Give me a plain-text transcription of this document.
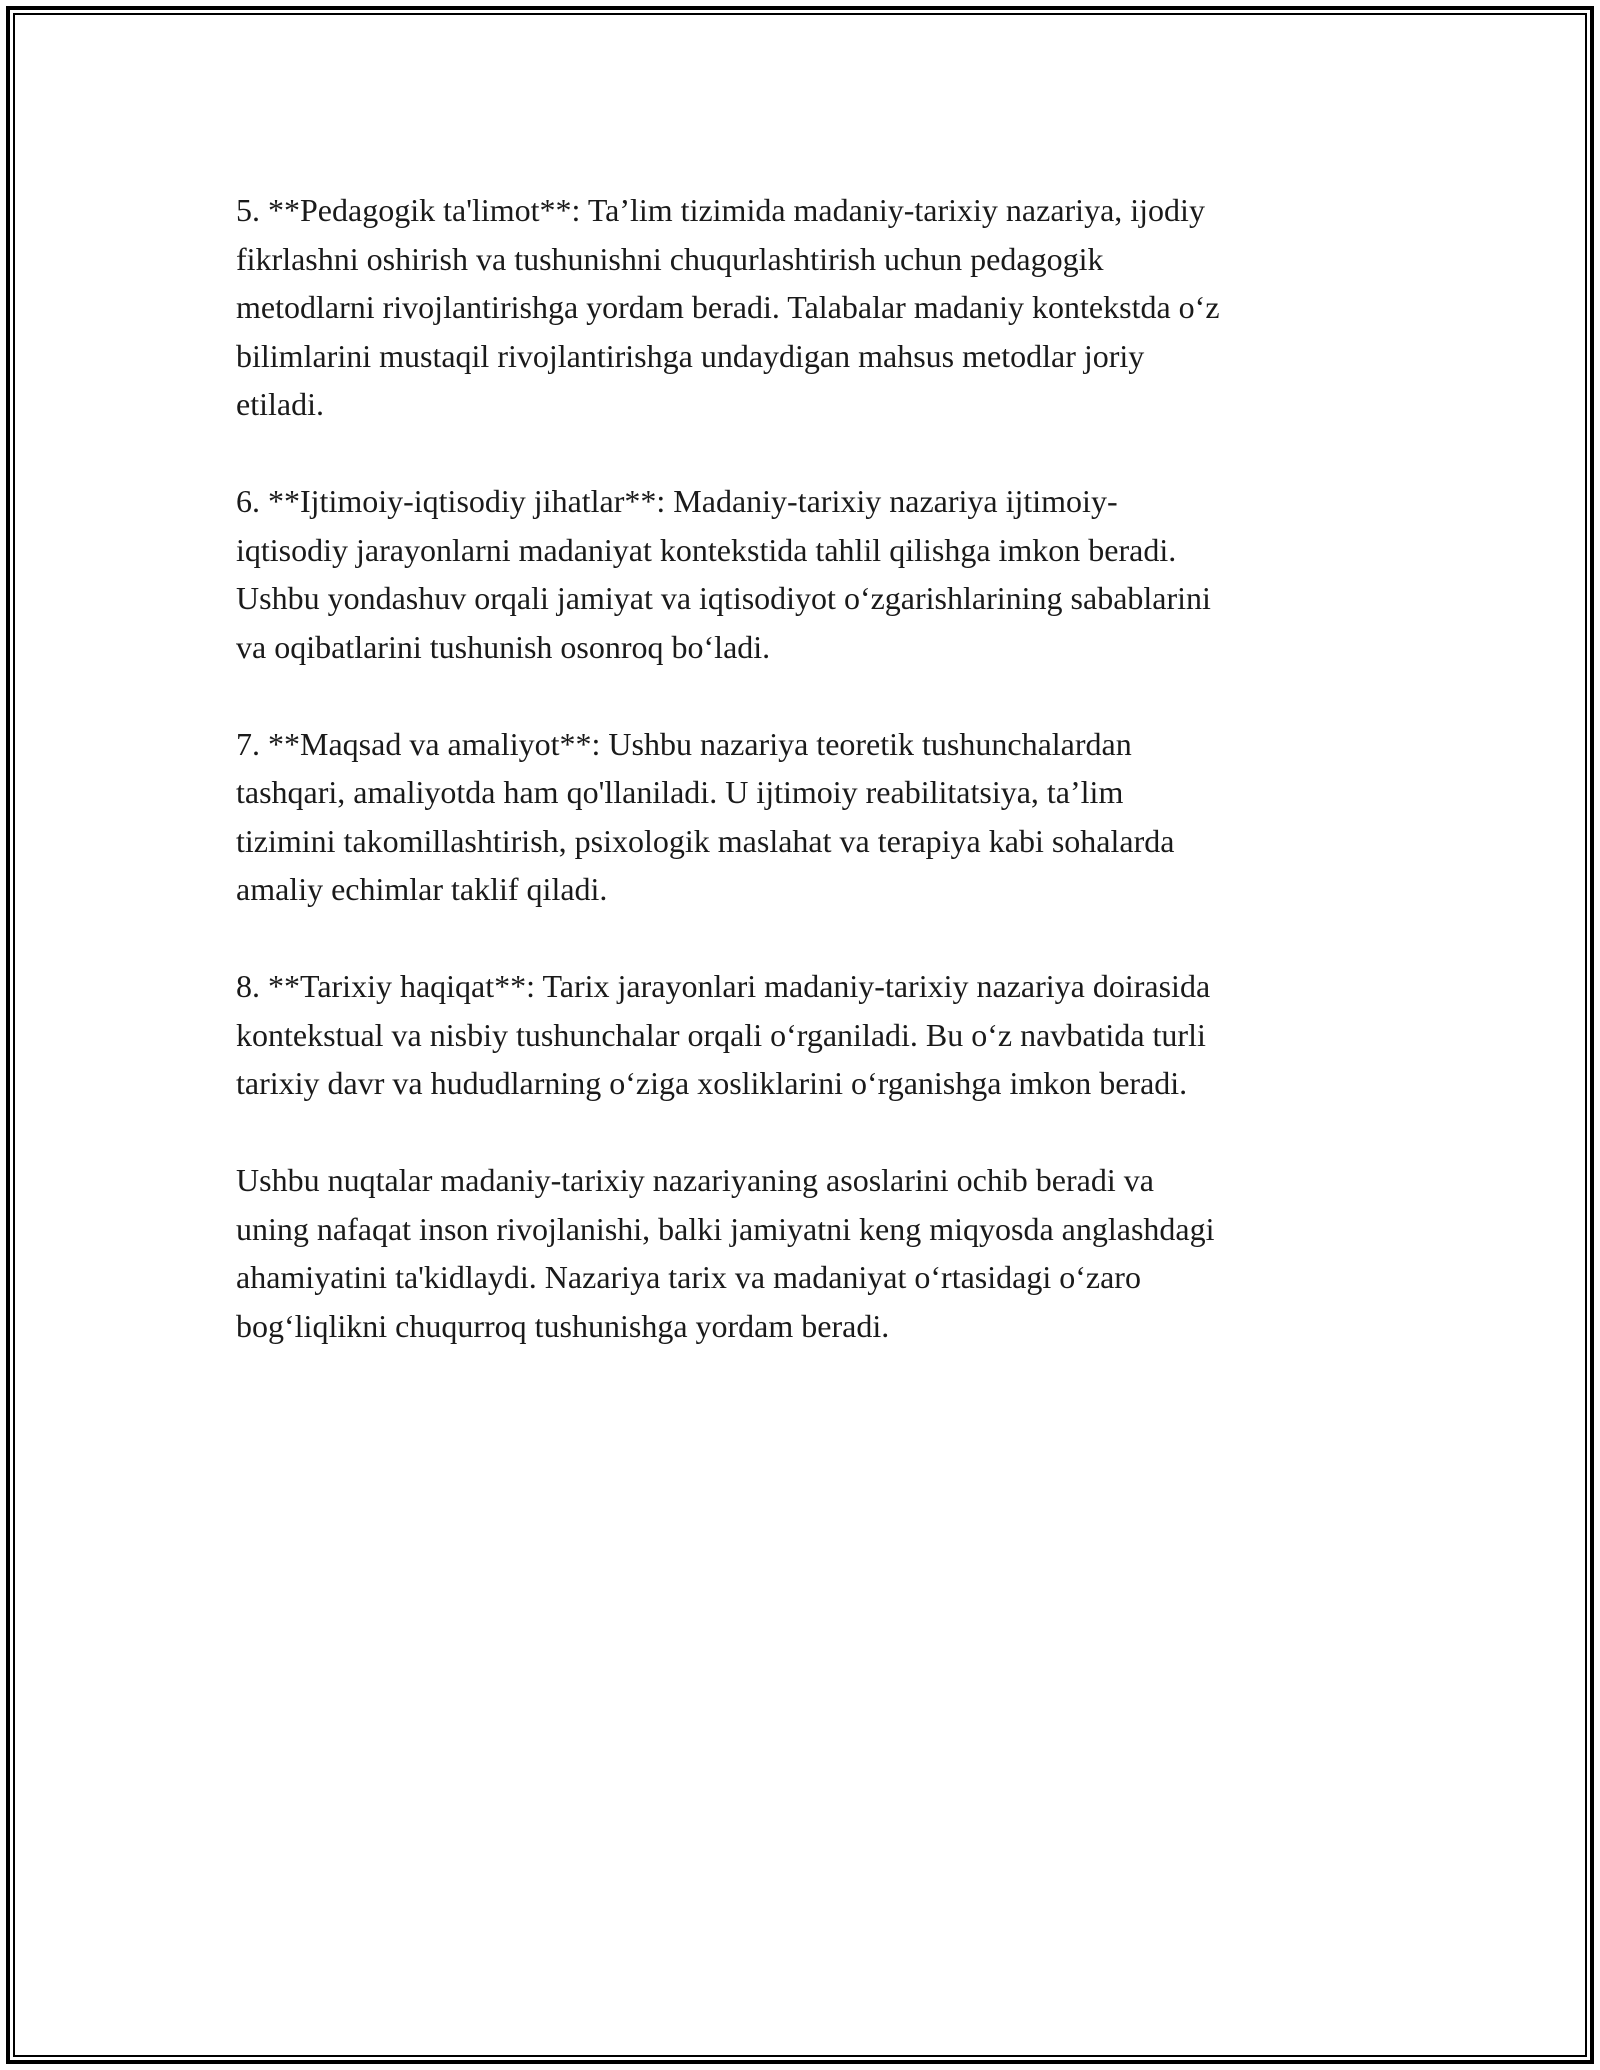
5. **Pedagogik ta'limot**: Ta’lim tizimida madaniy-tarixiy nazariya, ijodiy
fikrlashni oshirish va tushunishni chuqurlashtirish uchun pedagogik
metodlarni rivojlantirishga yordam beradi. Talabalar madaniy kontekstda o‘z
bilimlarini mustaqil rivojlantirishga undaydigan mahsus metodlar joriy
etiladi.

6. **Ijtimoiy-iqtisodiy jihatlar**: Madaniy-tarixiy nazariya ijtimoiy-
iqtisodiy jarayonlarni madaniyat kontekstida tahlil qilishga imkon beradi.
Ushbu yondashuv orqali jamiyat va iqtisodiyot o‘zgarishlarining sabablarini
va oqibatlarini tushunish osonroq bo‘ladi.

7. **Maqsad va amaliyot**: Ushbu nazariya teoretik tushunchalardan
tashqari, amaliyotda ham qo'llaniladi. U ijtimoiy reabilitatsiya, ta’lim
tizimini takomillashtirish, psixologik maslahat va terapiya kabi sohalarda
amaliy echimlar taklif qiladi.

8. **Tarixiy haqiqat**: Tarix jarayonlari madaniy-tarixiy nazariya doirasida
kontekstual va nisbiy tushunchalar orqali o‘rganiladi. Bu o‘z navbatida turli
tarixiy davr va hududlarning o‘ziga xosliklarini o‘rganishga imkon beradi.

Ushbu nuqtalar madaniy-tarixiy nazariyaning asoslarini ochib beradi va
uning nafaqat inson rivojlanishi, balki jamiyatni keng miqyosda anglashdagi
ahamiyatini ta'kidlaydi. Nazariya tarix va madaniyat o‘rtasidagi o‘zaro
bog‘liqlikni chuqurroq tushunishga yordam beradi.
